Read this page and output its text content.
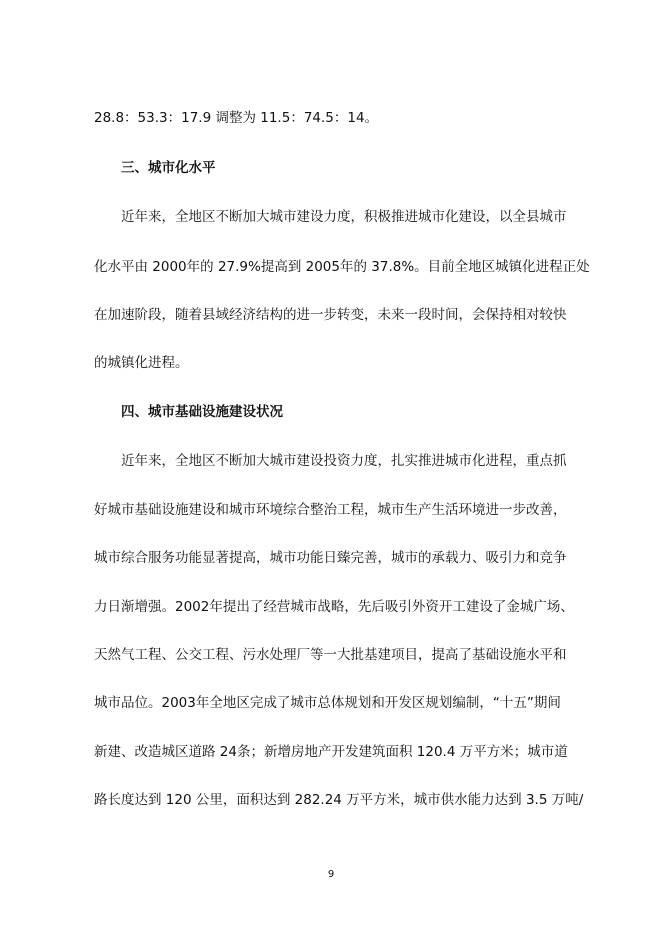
28.8：53.3：17.9 调整为 11.5：74.5：14。
三、城市化水平
近年来，全地区不断加大城市建设力度，积极推进城市化建设，以全县城市
化水平由 2000年的 27.9%提高到 2005年的 37.8%。目前全地区城镇化进程正处
在加速阶段，随着县域经济结构的进一步转变，未来一段时间，会保持相对较快
的城镇化进程。
四、城市基础设施建设状况
近年来，全地区不断加大城市建设投资力度，扎实推进城市化进程，重点抓
好城市基础设施建设和城市环境综合整治工程，城市生产生活环境进一步改善，
城市综合服务功能显著提高，城市功能日臻完善，城市的承载力、吸引力和竞争
力日渐增强。2002年提出了经营城市战略，先后吸引外资开工建设了金城广场、
天然气工程、公交工程、污水处理厂等一大批基建项目，提高了基础设施水平和
城市品位。2003年全地区完成了城市总体规划和开发区规划编制，“十五”期间
新建、改造城区道路 24条；新增房地产开发建筑面积 120.4 万平方米；城市道
路长度达到 120 公里，面积达到 282.24 万平方米，城市供水能力达到 3.5 万吨/
9
